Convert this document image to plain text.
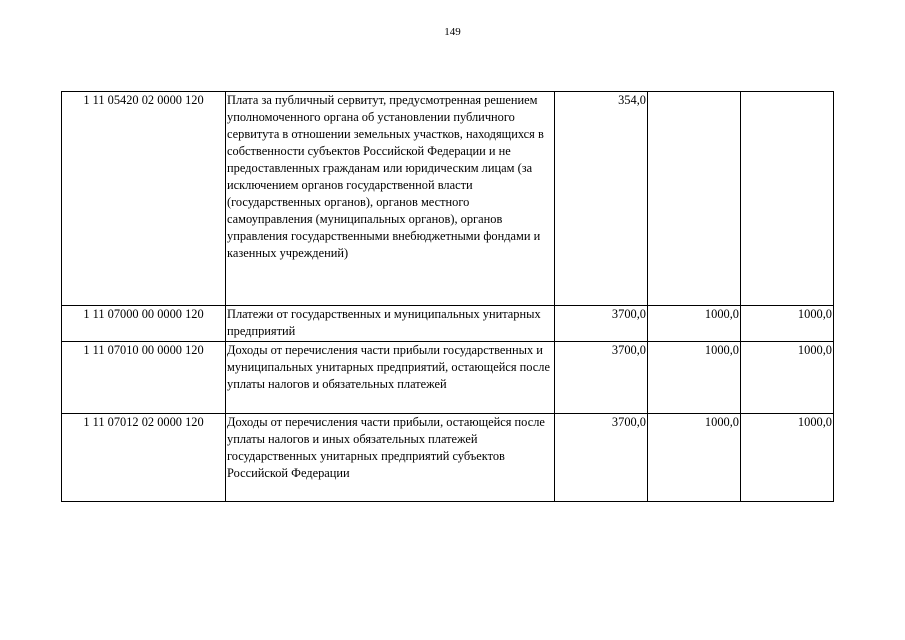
149
1 11 05420 02 0000 120	Плата за публичный сервитут, предусмотренная решением уполномоченного органа об установлении публичного сервитута в отношении земельных участков, находящихся в собственности субъектов Российской Федерации и не предоставленных гражданам или юридическим лицам (за исключением органов государственной власти (государственных органов), органов местного самоуправления (муниципальных органов), органов управления государственными внебюджетными фондами и казенных учреждений)	354,0		
1 11 07000 00 0000 120	Платежи от государственных и муниципальных унитарных предприятий	3700,0	1000,0	1000,0
1 11 07010 00 0000 120	Доходы от перечисления части прибыли государственных и муниципальных унитарных предприятий, остающейся после уплаты налогов и обязательных платежей	3700,0	1000,0	1000,0
1 11 07012 02 0000 120	Доходы от перечисления части прибыли, остающейся после уплаты налогов и иных обязательных платежей государственных унитарных предприятий субъектов Российской Федерации	3700,0	1000,0	1000,0
